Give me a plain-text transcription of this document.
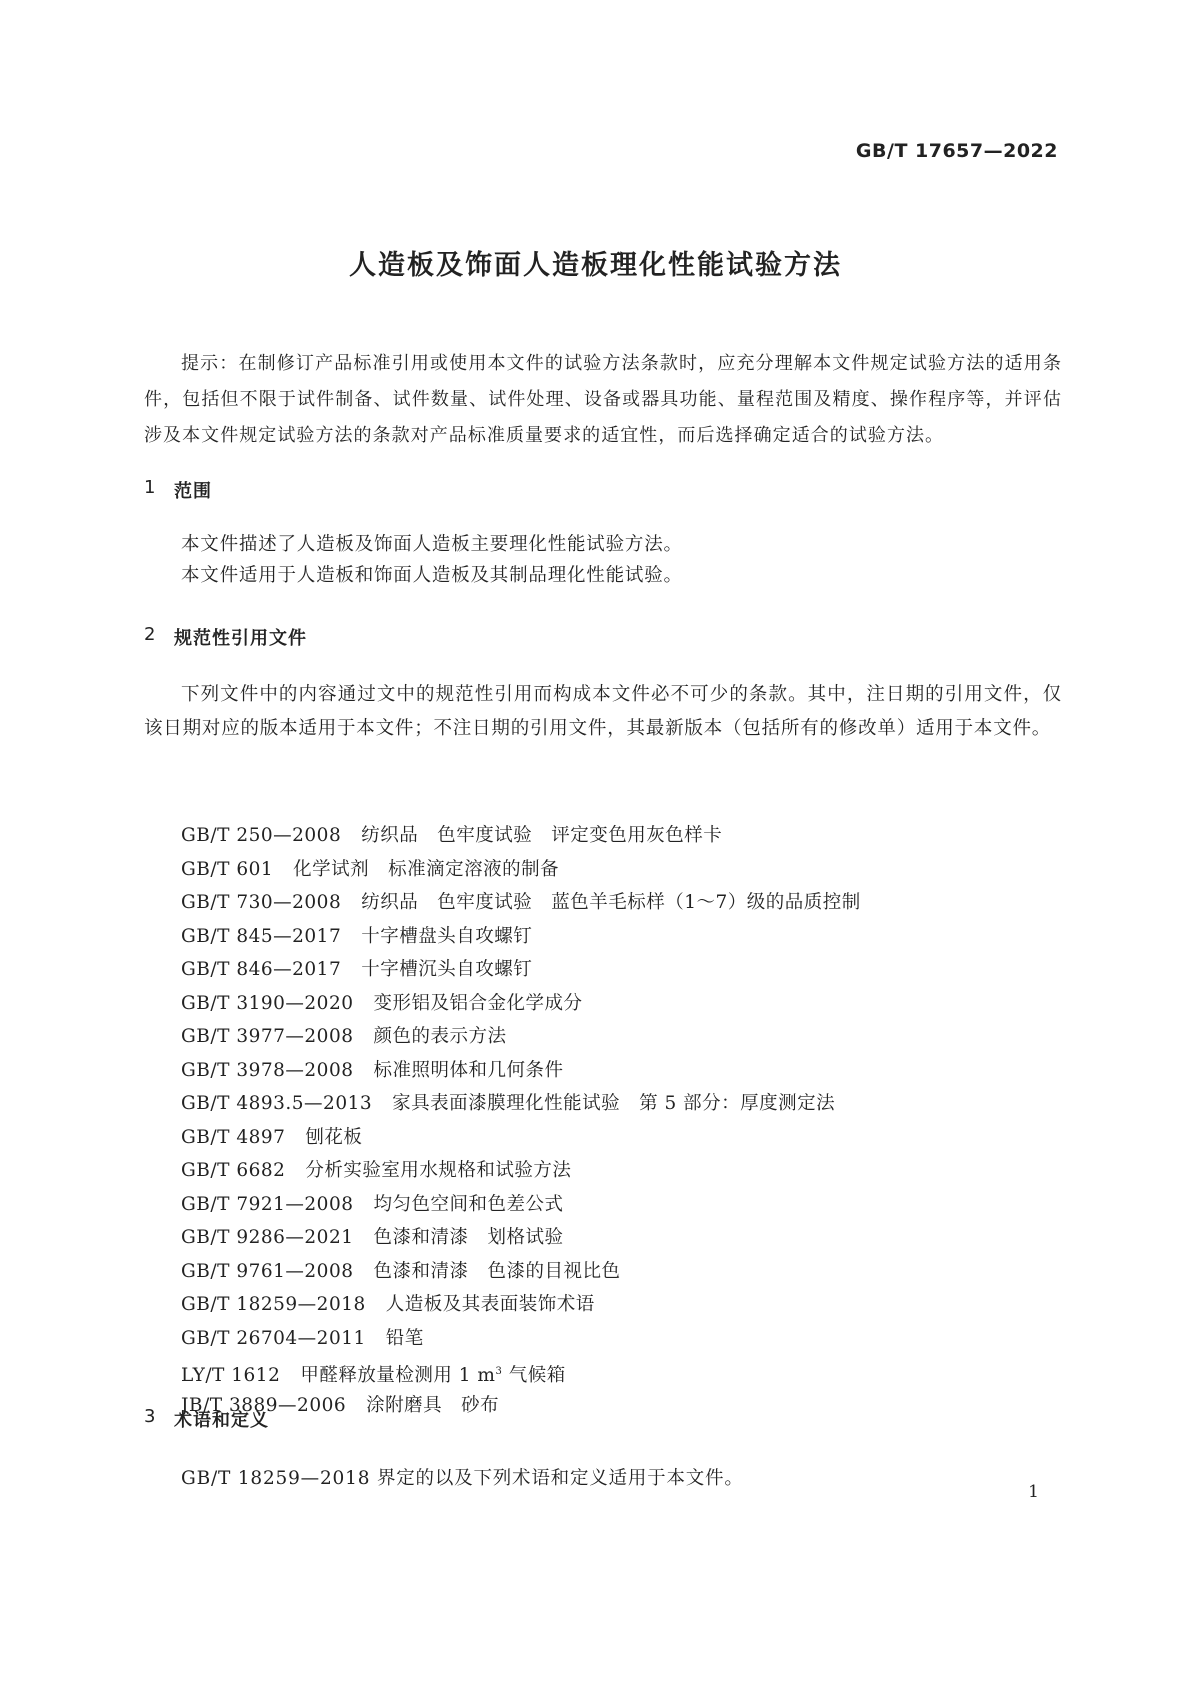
GB/T 17657—2022
人造板及饰面人造板理化性能试验方法

提示：在制修订产品标准引用或使用本文件的试验方法条款时，应充分理解本文件规定试验方法的适用条件，包括但不限于试件制备、试件数量、试件处理、设备或器具功能、量程范围及精度、操作程序等，并评估涉及本文件规定试验方法的条款对产品标准质量要求的适宜性，而后选择确定适合的试验方法。

1 范围

本文件描述了人造板及饰面人造板主要理化性能试验方法。

本文件适用于人造板和饰面人造板及其制品理化性能试验。

2 规范性引用文件

下列文件中的内容通过文中的规范性引用而构成本文件必不可少的条款。其中，注日期的引用文件，仅该日期对应的版本适用于本文件；不注日期的引用文件，其最新版本（包括所有的修改单）适用于本文件。

GB/T 250—2008 纺织品　色牢度试验　评定变色用灰色样卡
GB/T 601 化学试剂　标准滴定溶液的制备
GB/T 730—2008 纺织品　色牢度试验　蓝色羊毛标样（1～7）级的品质控制
GB/T 845—2017 十字槽盘头自攻螺钉
GB/T 846—2017 十字槽沉头自攻螺钉
GB/T 3190—2020 变形铝及铝合金化学成分
GB/T 3977—2008 颜色的表示方法
GB/T 3978—2008 标准照明体和几何条件
GB/T 4893.5—2013 家具表面漆膜理化性能试验　第 5 部分：厚度测定法
GB/T 4897 刨花板
GB/T 6682 分析实验室用水规格和试验方法
GB/T 7921—2008 均匀色空间和色差公式
GB/T 9286—2021 色漆和清漆　划格试验
GB/T 9761—2008 色漆和清漆　色漆的目视比色
GB/T 18259—2018 人造板及其表面装饰术语
GB/T 26704—2011 铅笔
LY/T 1612 甲醛释放量检测用 1 $m^3$ 气候箱
JB/T 3889—2006 涂附磨具　砂布
3 术语和定义

GB/T 18259—2018 界定的以及下列术语和定义适用于本文件。

1
